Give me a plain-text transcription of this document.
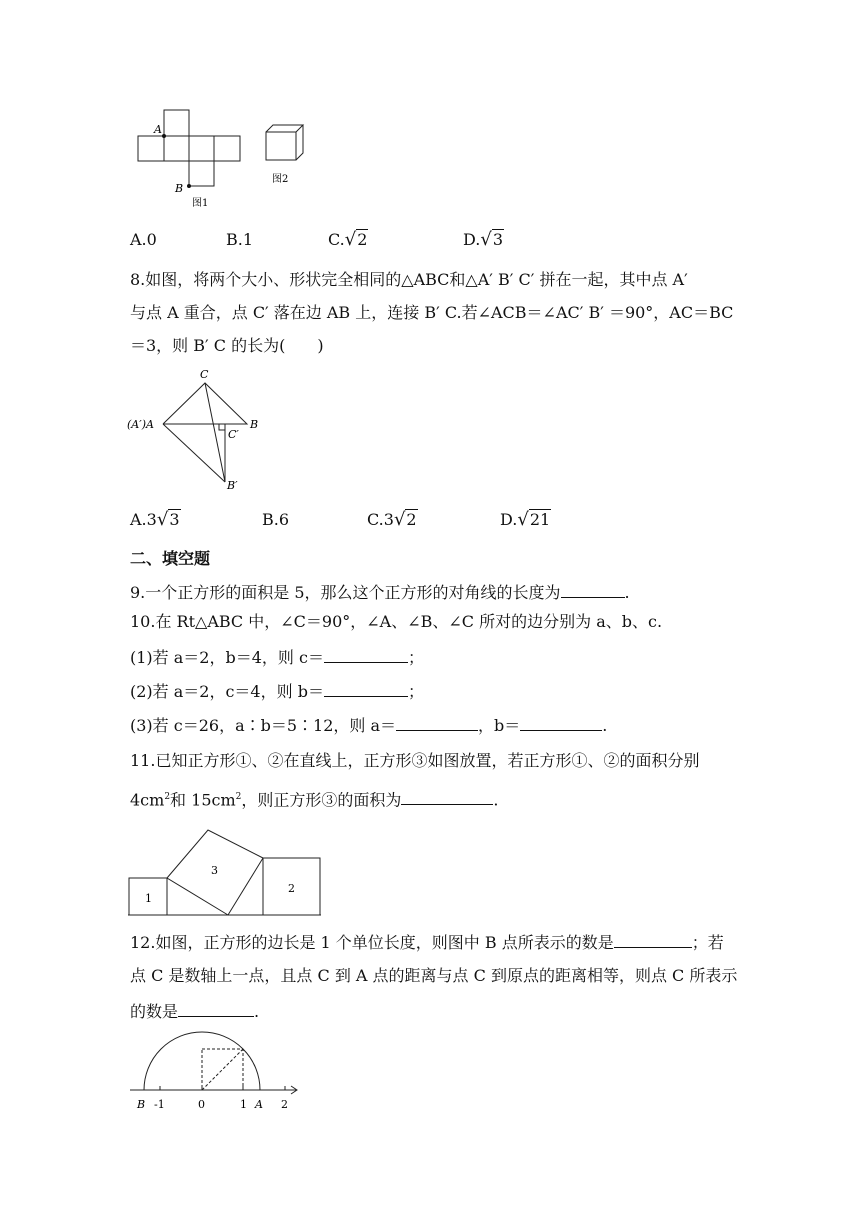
A
B
图1
图2
A.0	B.1	C.√2	D.√3
8.如图，将两个大小、形状完全相同的△ABC和△A′ B′ C′ 拼在一起，其中点 A′
与点 A 重合，点 C′ 落在边 AB 上，连接 B′ C.若∠ACB＝∠AC′ B′ ＝90°，AC＝BC
＝3，则 B′ C 的长为(　　)
C
(A′)A	B
C′
B′
A.3√3	B.6	C.3√2	D.√21
二、填空题
9.一个正方形的面积是 5，那么这个正方形的对角线的长度为	.
10.在 Rt△ABC 中，∠C＝90°，∠A、∠B、∠C 所对的边分别为 a、b、c.
(1)若 a＝2，b＝4，则 c＝	；
(2)若 a＝2，c＝4，则 b＝	；
(3)若 c＝26，a∶b＝5∶12，则 a＝	，b＝	.
11.已知正方形①、②在直线上，正方形③如图放置，若正方形①、②的面积分别
$4cm^2$和 $15cm^2$，则正方形③的面积为	.
1
3
2
12.如图，正方形的边长是 1 个单位长度，则图中 B 点所表示的数是	；若
点 C 是数轴上一点，且点 C 到 A 点的距离与点 C 到原点的距离相等，则点 C 所表示
的数是	.
B -1	0	1 A 2
